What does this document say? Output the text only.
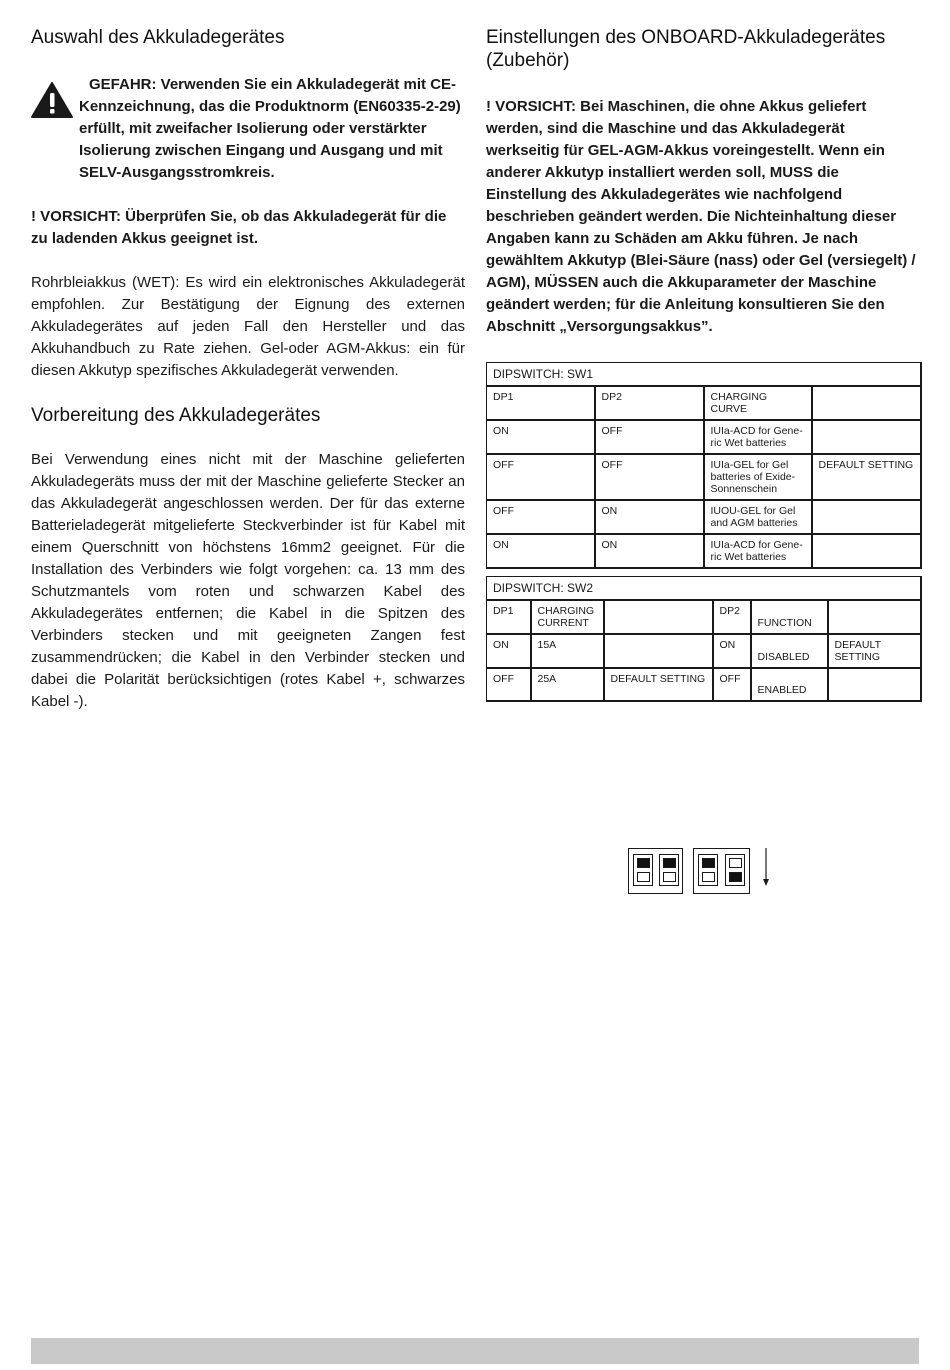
Auswahl des Akkuladegerätes
GEFAHR: Verwenden Sie ein Akkuladegerät mit CE-Kennzeichnung, das die Produktnorm (EN60335-2-29) erfüllt, mit zweifacher Isolierung oder verstärkter Isolierung zwischen Eingang und Ausgang und mit SELV-Ausgangsstromkreis.

! VORSICHT: Überprüfen Sie, ob das Akkuladegerät für die zu ladenden Akkus geeignet ist.

Rohrbleiakkus (WET): Es wird ein elektronisches Akkuladegerät empfohlen. Zur Bestätigung der Eignung des externen Akkuladegerätes auf jeden Fall den Hersteller und das Akkuhandbuch zu Rate ziehen. Gel-oder AGM-Akkus: ein für diesen Akkutyp spezifisches Akkuladegerät verwenden.

Vorbereitung des Akkuladegerätes

Bei Verwendung eines nicht mit der Maschine gelieferten Akkuladegeräts muss der mit der Maschine gelieferte Stecker an das Akkuladegerät angeschlossen werden. Der für das externe Batterieladegerät mitgelieferte Steckverbinder ist für Kabel mit einem Querschnitt von höchstens 16mm2 geeignet. Für die Installation des Verbinders wie folgt vorgehen: ca. 13 mm des Schutzmantels vom roten und schwarzen Kabel des Akkuladegerätes entfernen; die Kabel in die Spitzen des Verbinders stecken und mit geeigneten Zangen fest zusammendrücken; die Kabel in den Verbinder stecken und dabei die Polarität berücksichtigen (rotes Kabel +, schwarzes Kabel -).

Einstellungen des ONBOARD-Akkuladegerätes (Zubehör)

! VORSICHT: Bei Maschinen, die ohne Akkus geliefert werden, sind die Maschine und das Akkuladegerät werkseitig für GEL-AGM-Akkus voreingestellt. Wenn ein anderer Akkutyp installiert werden soll, MUSS die Einstellung des Akkuladegerätes wie nachfolgend beschrieben geändert werden. Die Nichteinhaltung dieser Angaben kann zu Schäden am Akku führen. Je nach gewähltem Akkutyp (Blei-Säure (nass) oder Gel (versiegelt) / AGM), MÜSSEN auch die Akkuparameter der Maschine geändert werden; für die Anleitung konsultieren Sie den Abschnitt „Versorgungsakkus”.

DIPSWITCH: SW1			
DP1	DP2	CHARGING CURVE	
ON	OFF	IUIa-ACD for Gene-ric Wet batteries	
OFF	OFF	IUIa-GEL for Gel batteries of Exide-Sonnenschein	DEFAULT SETTING
OFF	ON	IUOU-GEL for Gel and AGM batteries	
ON	ON	IUIa-ACD for Gene-ric Wet batteries	
DIPSWITCH: SW2					
DP1	CHARGING CURRENT		DP2	FUNCTION	
ON	15A		ON	DISABLED	DEFAULT SETTING
OFF	25A	DEFAULT SETTING	OFF	ENABLED	
